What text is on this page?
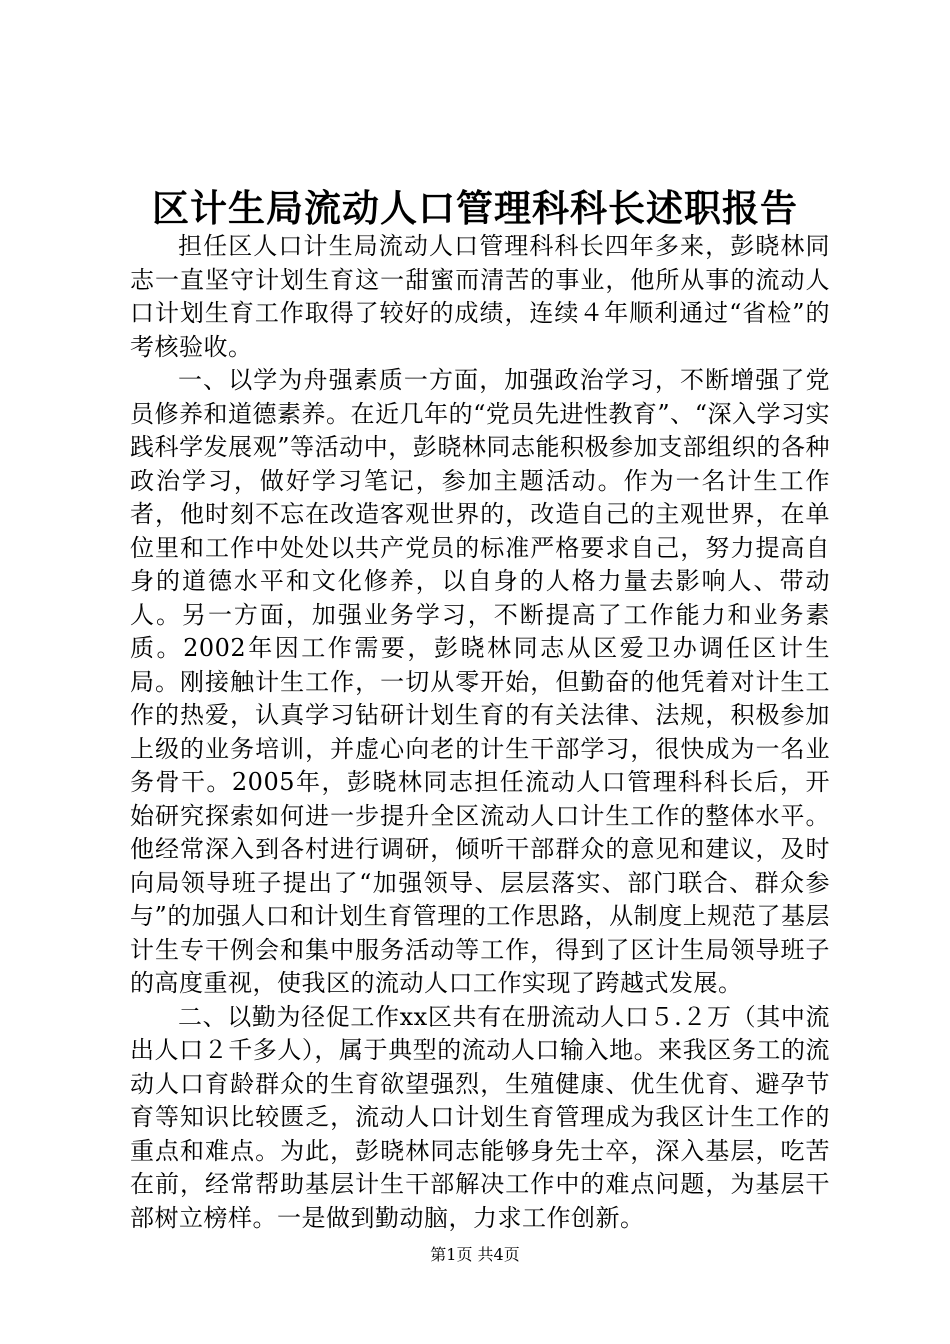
区计生局流动人口管理科科长述职报告

担任区人口计生局流动人口管理科科长四年多来，彭晓林同志一直坚守计划生育这一甜蜜而清苦的事业，他所从事的流动人口计划生育工作取得了较好的成绩，连续４年顺利通过“省检”的考核验收。

一、以学为舟强素质一方面，加强政治学习，不断增强了党员修养和道德素养。在近几年的“党员先进性教育”、“深入学习实践科学发展观”等活动中，彭晓林同志能积极参加支部组织的各种政治学习，做好学习笔记，参加主题活动。作为一名计生工作者，他时刻不忘在改造客观世界的，改造自己的主观世界，在单位里和工作中处处以共产党员的标准严格要求自己，努力提高自身的道德水平和文化修养，以自身的人格力量去影响人、带动人。另一方面，加强业务学习，不断提高了工作能力和业务素质。2002年因工作需要，彭晓林同志从区爱卫办调任区计生局。刚接触计生工作，一切从零开始，但勤奋的他凭着对计生工作的热爱，认真学习钻研计划生育的有关法律、法规，积极参加上级的业务培训，并虚心向老的计生干部学习，很快成为一名业务骨干。2005年，彭晓林同志担任流动人口管理科科长后，开始研究探索如何进一步提升全区流动人口计生工作的整体水平。他经常深入到各村进行调研，倾听干部群众的意见和建议，及时向局领导班子提出了“加强领导、层层落实、部门联合、群众参与”的加强人口和计划生育管理的工作思路，从制度上规范了基层计生专干例会和集中服务活动等工作，得到了区计生局领导班子的高度重视，使我区的流动人口工作实现了跨越式发展。

二、以勤为径促工作xx区共有在册流动人口５.２万（其中流出人口２千多人），属于典型的流动人口输入地。来我区务工的流动人口育龄群众的生育欲望强烈，生殖健康、优生优育、避孕节育等知识比较匮乏，流动人口计划生育管理成为我区计生工作的重点和难点。为此，彭晓林同志能够身先士卒，深入基层，吃苦在前，经常帮助基层计生干部解决工作中的难点问题，为基层干部树立榜样。一是做到勤动脑，力求工作创新。

第1页 共4页
